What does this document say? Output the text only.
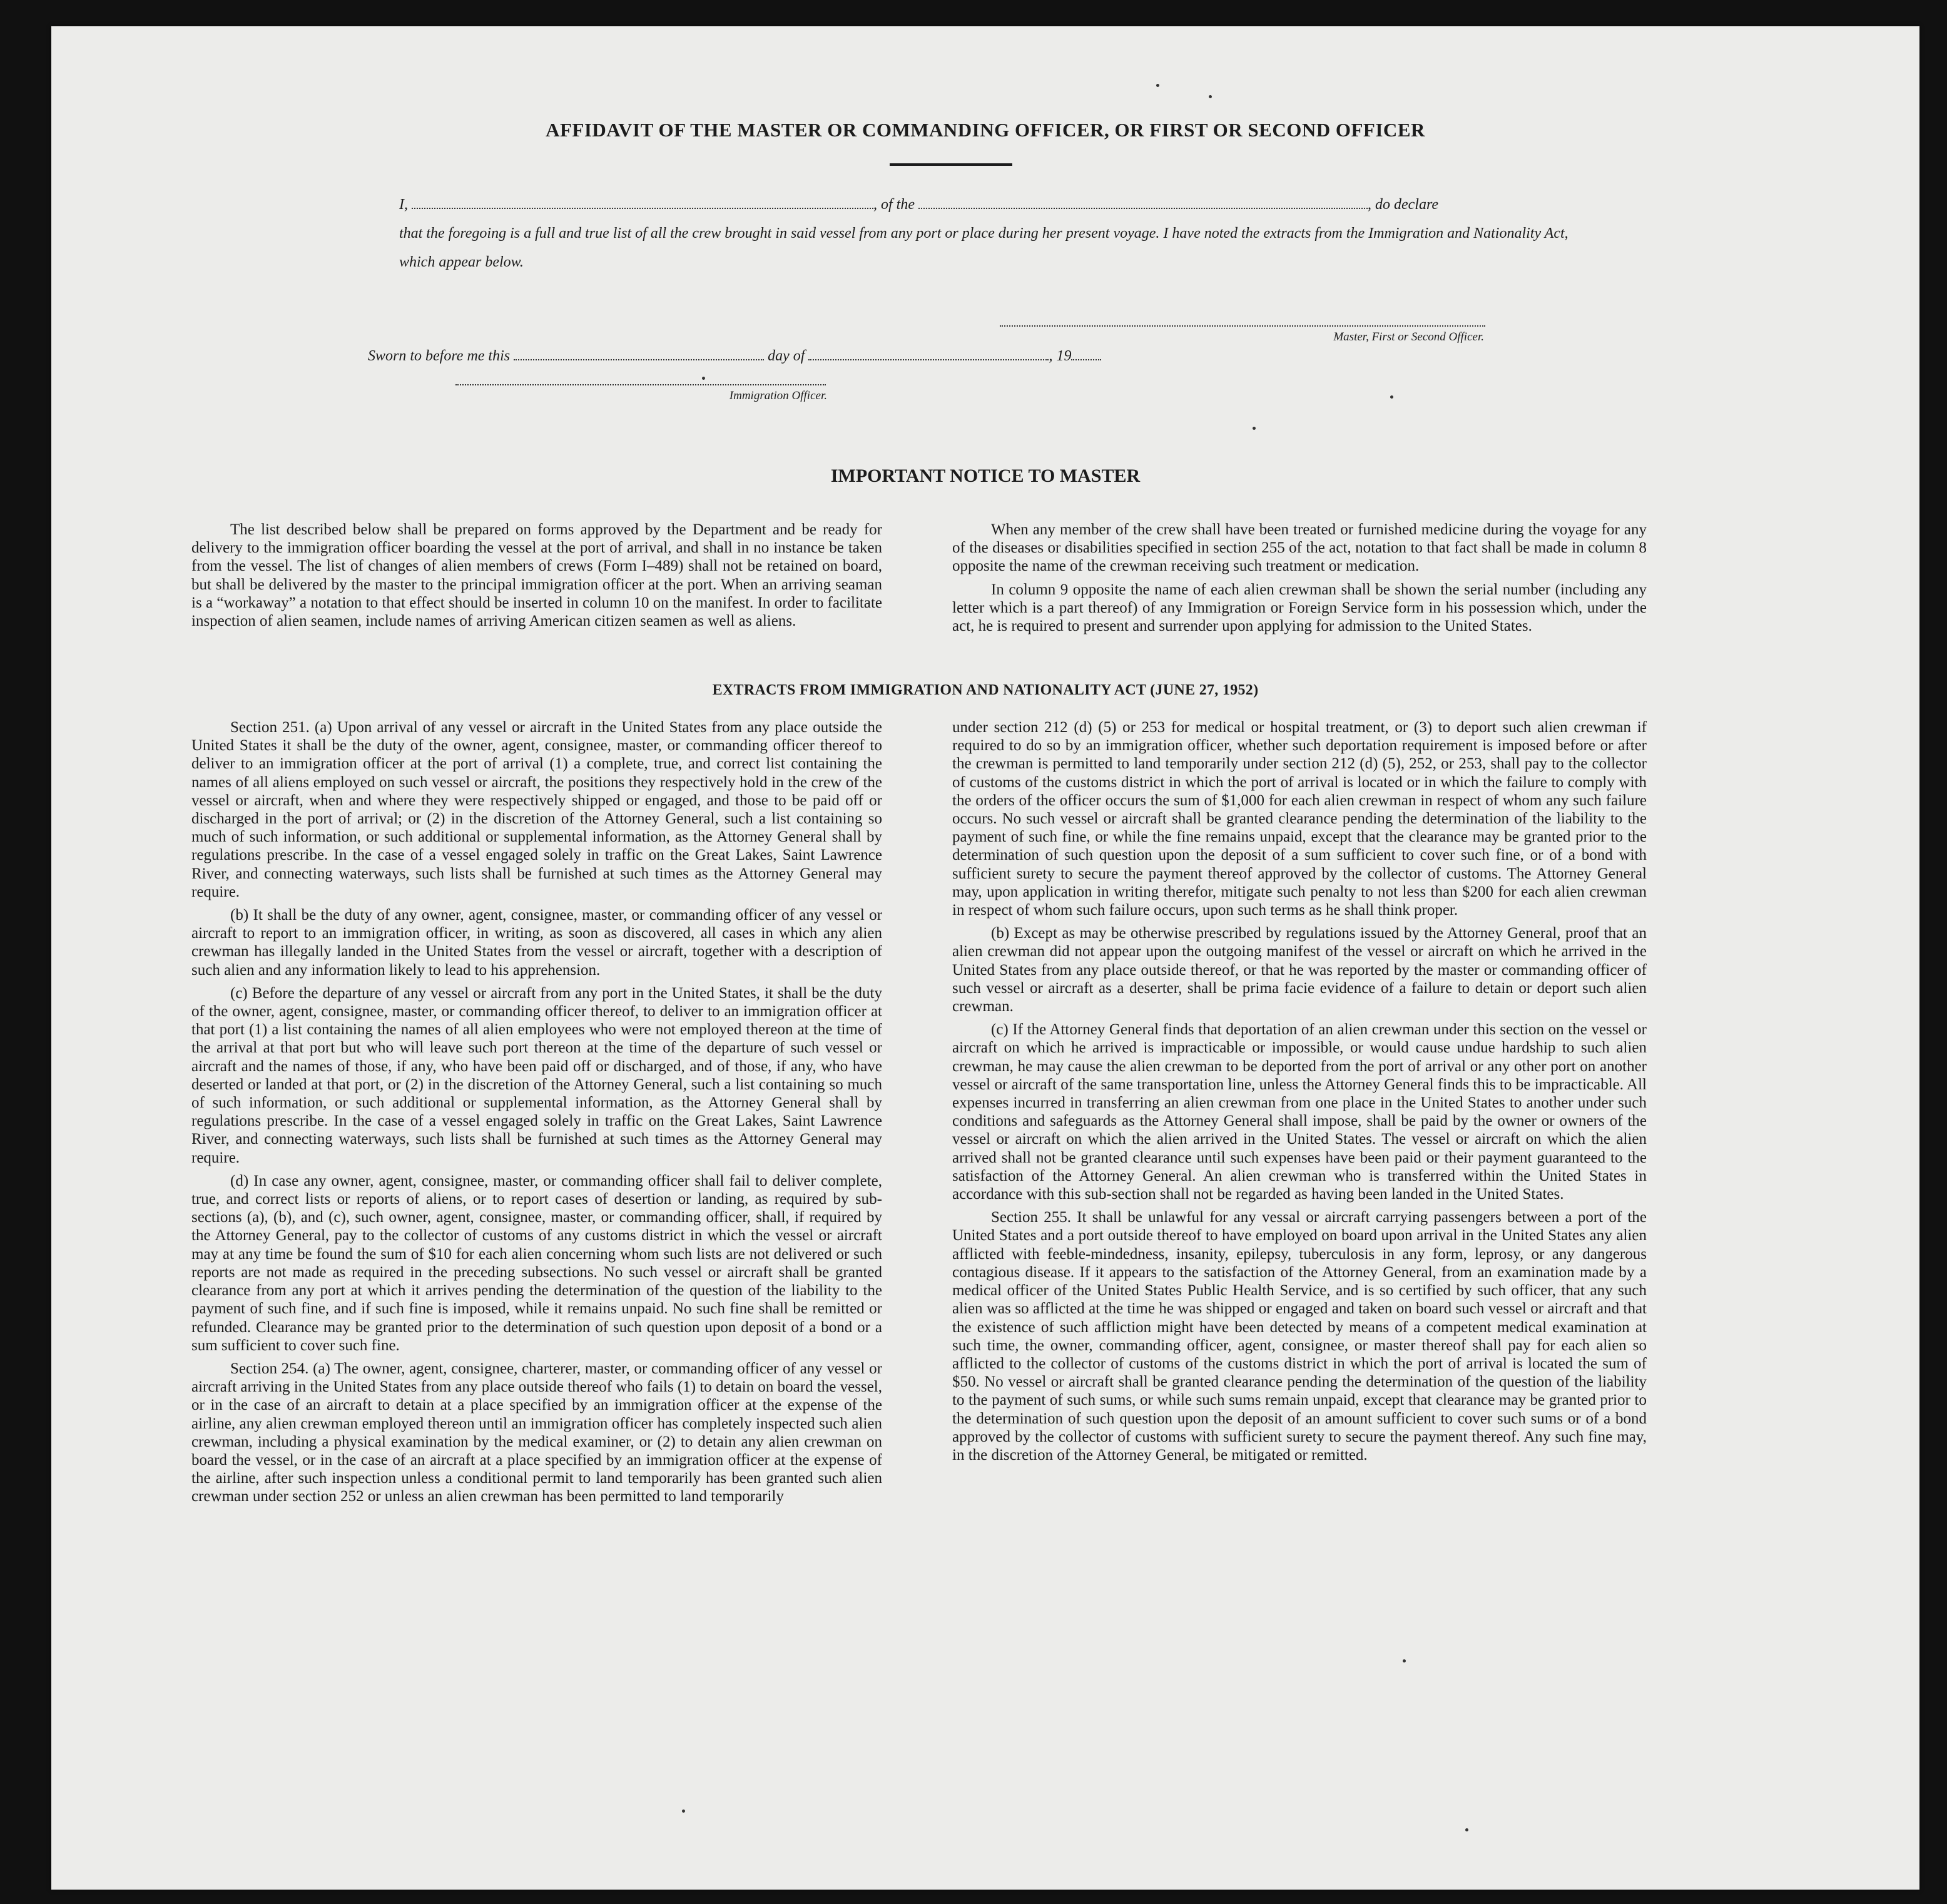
AFFIDAVIT OF THE MASTER OR COMMANDING OFFICER, OR FIRST OR SECOND OFFICER
I,	, of the	, do declare
that the foregoing is a full and true list of all the crew brought in said vessel from any port or place during her present voyage. I have noted the extracts from the Immigration and Nationality Act, which appear below.
Master, First or Second Officer.
Sworn to before me this	day of	, 19
Immigration Officer.
IMPORTANT NOTICE TO MASTER

The list described below shall be prepared on forms approved by the Department and be ready for delivery to the immigration officer boarding the vessel at the port of arrival, and shall in no instance be taken from the vessel. The list of changes of alien members of crews (Form I–489) shall not be retained on board, but shall be delivered by the master to the principal immigration officer at the port. When an arriving seaman is a “workaway” a notation to that effect should be inserted in column 10 on the manifest. In order to facilitate inspection of alien seamen, include names of arriving American citizen seamen as well as aliens.

When any member of the crew shall have been treated or furnished medicine during the voyage for any of the diseases or disabilities specified in section 255 of the act, notation to that fact shall be made in column 8 opposite the name of the crewman receiving such treatment or medication.

In column 9 opposite the name of each alien crewman shall be shown the serial number (including any letter which is a part thereof) of any Immigration or Foreign Service form in his possession which, under the act, he is required to present and surrender upon applying for admission to the United States.

EXTRACTS FROM IMMIGRATION AND NATIONALITY ACT (JUNE 27, 1952)

Section 251. (a) Upon arrival of any vessel or aircraft in the United States from any place outside the United States it shall be the duty of the owner, agent, consignee, master, or commanding officer thereof to deliver to an immigration officer at the port of arrival (1) a complete, true, and correct list containing the names of all aliens employed on such vessel or aircraft, the positions they respectively hold in the crew of the vessel or aircraft, when and where they were respectively shipped or engaged, and those to be paid off or discharged in the port of arrival; or (2) in the discretion of the Attorney General, such a list containing so much of such information, or such additional or supplemental information, as the Attorney General shall by regulations prescribe. In the case of a vessel engaged solely in traffic on the Great Lakes, Saint Lawrence River, and connecting waterways, such lists shall be furnished at such times as the Attorney General may require.

(b) It shall be the duty of any owner, agent, consignee, master, or commanding officer of any vessel or aircraft to report to an immigration officer, in writing, as soon as discovered, all cases in which any alien crewman has illegally landed in the United States from the vessel or aircraft, together with a description of such alien and any information likely to lead to his apprehension.

(c) Before the departure of any vessel or aircraft from any port in the United States, it shall be the duty of the owner, agent, consignee, master, or commanding officer thereof, to deliver to an immigration officer at that port (1) a list containing the names of all alien employees who were not employed thereon at the time of the arrival at that port but who will leave such port thereon at the time of the departure of such vessel or aircraft and the names of those, if any, who have been paid off or discharged, and of those, if any, who have deserted or landed at that port, or (2) in the discretion of the Attorney General, such a list containing so much of such information, or such additional or supplemental information, as the Attorney General shall by regulations prescribe. In the case of a vessel engaged solely in traffic on the Great Lakes, Saint Lawrence River, and connecting waterways, such lists shall be furnished at such times as the Attorney General may require.

(d) In case any owner, agent, consignee, master, or commanding officer shall fail to deliver complete, true, and correct lists or reports of aliens, or to report cases of desertion or landing, as required by sub-sections (a), (b), and (c), such owner, agent, consignee, master, or commanding officer, shall, if required by the Attorney General, pay to the collector of customs of any customs district in which the vessel or aircraft may at any time be found the sum of $10 for each alien concerning whom such lists are not delivered or such reports are not made as required in the preceding subsections. No such vessel or aircraft shall be granted clearance from any port at which it arrives pending the determination of the question of the liability to the payment of such fine, and if such fine is imposed, while it remains unpaid. No such fine shall be remitted or refunded. Clearance may be granted prior to the determination of such question upon deposit of a bond or a sum sufficient to cover such fine.

Section 254. (a) The owner, agent, consignee, charterer, master, or commanding officer of any vessel or aircraft arriving in the United States from any place outside thereof who fails (1) to detain on board the vessel, or in the case of an aircraft to detain at a place specified by an immigration officer at the expense of the airline, any alien crewman employed thereon until an immigration officer has completely inspected such alien crewman, including a physical examination by the medical examiner, or (2) to detain any alien crewman on board the vessel, or in the case of an aircraft at a place specified by an immigration officer at the expense of the airline, after such inspection unless a conditional permit to land temporarily has been granted such alien crewman under section 252 or unless an alien crewman has been permitted to land temporarily

under section 212 (d) (5) or 253 for medical or hospital treatment, or (3) to deport such alien crewman if required to do so by an immigration officer, whether such deportation requirement is imposed before or after the crewman is permitted to land temporarily under section 212 (d) (5), 252, or 253, shall pay to the collector of customs of the customs district in which the port of arrival is located or in which the failure to comply with the orders of the officer occurs the sum of $1,000 for each alien crewman in respect of whom any such failure occurs. No such vessel or aircraft shall be granted clearance pending the determination of the liability to the payment of such fine, or while the fine remains unpaid, except that the clearance may be granted prior to the determination of such question upon the deposit of a sum sufficient to cover such fine, or of a bond with sufficient surety to secure the payment thereof approved by the collector of customs. The Attorney General may, upon application in writing therefor, mitigate such penalty to not less than $200 for each alien crewman in respect of whom such failure occurs, upon such terms as he shall think proper.

(b) Except as may be otherwise prescribed by regulations issued by the Attorney General, proof that an alien crewman did not appear upon the outgoing manifest of the vessel or aircraft on which he arrived in the United States from any place outside thereof, or that he was reported by the master or commanding officer of such vessel or aircraft as a deserter, shall be prima facie evidence of a failure to detain or deport such alien crewman.

(c) If the Attorney General finds that deportation of an alien crewman under this section on the vessel or aircraft on which he arrived is impracticable or impossible, or would cause undue hardship to such alien crewman, he may cause the alien crewman to be deported from the port of arrival or any other port on another vessel or aircraft of the same transportation line, unless the Attorney General finds this to be impracticable. All expenses incurred in transferring an alien crewman from one place in the United States to another under such conditions and safeguards as the Attorney General shall impose, shall be paid by the owner or owners of the vessel or aircraft on which the alien arrived in the United States. The vessel or aircraft on which the alien arrived shall not be granted clearance until such expenses have been paid or their payment guaranteed to the satisfaction of the Attorney General. An alien crewman who is transferred within the United States in accordance with this sub-section shall not be regarded as having been landed in the United States.

Section 255. It shall be unlawful for any vessal or aircraft carrying passengers between a port of the United States and a port outside thereof to have employed on board upon arrival in the United States any alien afflicted with feeble-mindedness, insanity, epilepsy, tuberculosis in any form, leprosy, or any dangerous contagious disease. If it appears to the satisfaction of the Attorney General, from an examination made by a medical officer of the United States Public Health Service, and is so certified by such officer, that any such alien was so afflicted at the time he was shipped or engaged and taken on board such vessel or aircraft and that the existence of such affliction might have been detected by means of a competent medical examination at such time, the owner, commanding officer, agent, consignee, or master thereof shall pay for each alien so afflicted to the collector of customs of the customs district in which the port of arrival is located the sum of $50. No vessel or aircraft shall be granted clearance pending the determination of the question of the liability to the payment of such sums, or while such sums remain unpaid, except that clearance may be granted prior to the determination of such question upon the deposit of an amount sufficient to cover such sums or of a bond approved by the collector of customs with sufficient surety to secure the payment thereof. Any such fine may, in the discretion of the Attorney General, be mitigated or remitted.
